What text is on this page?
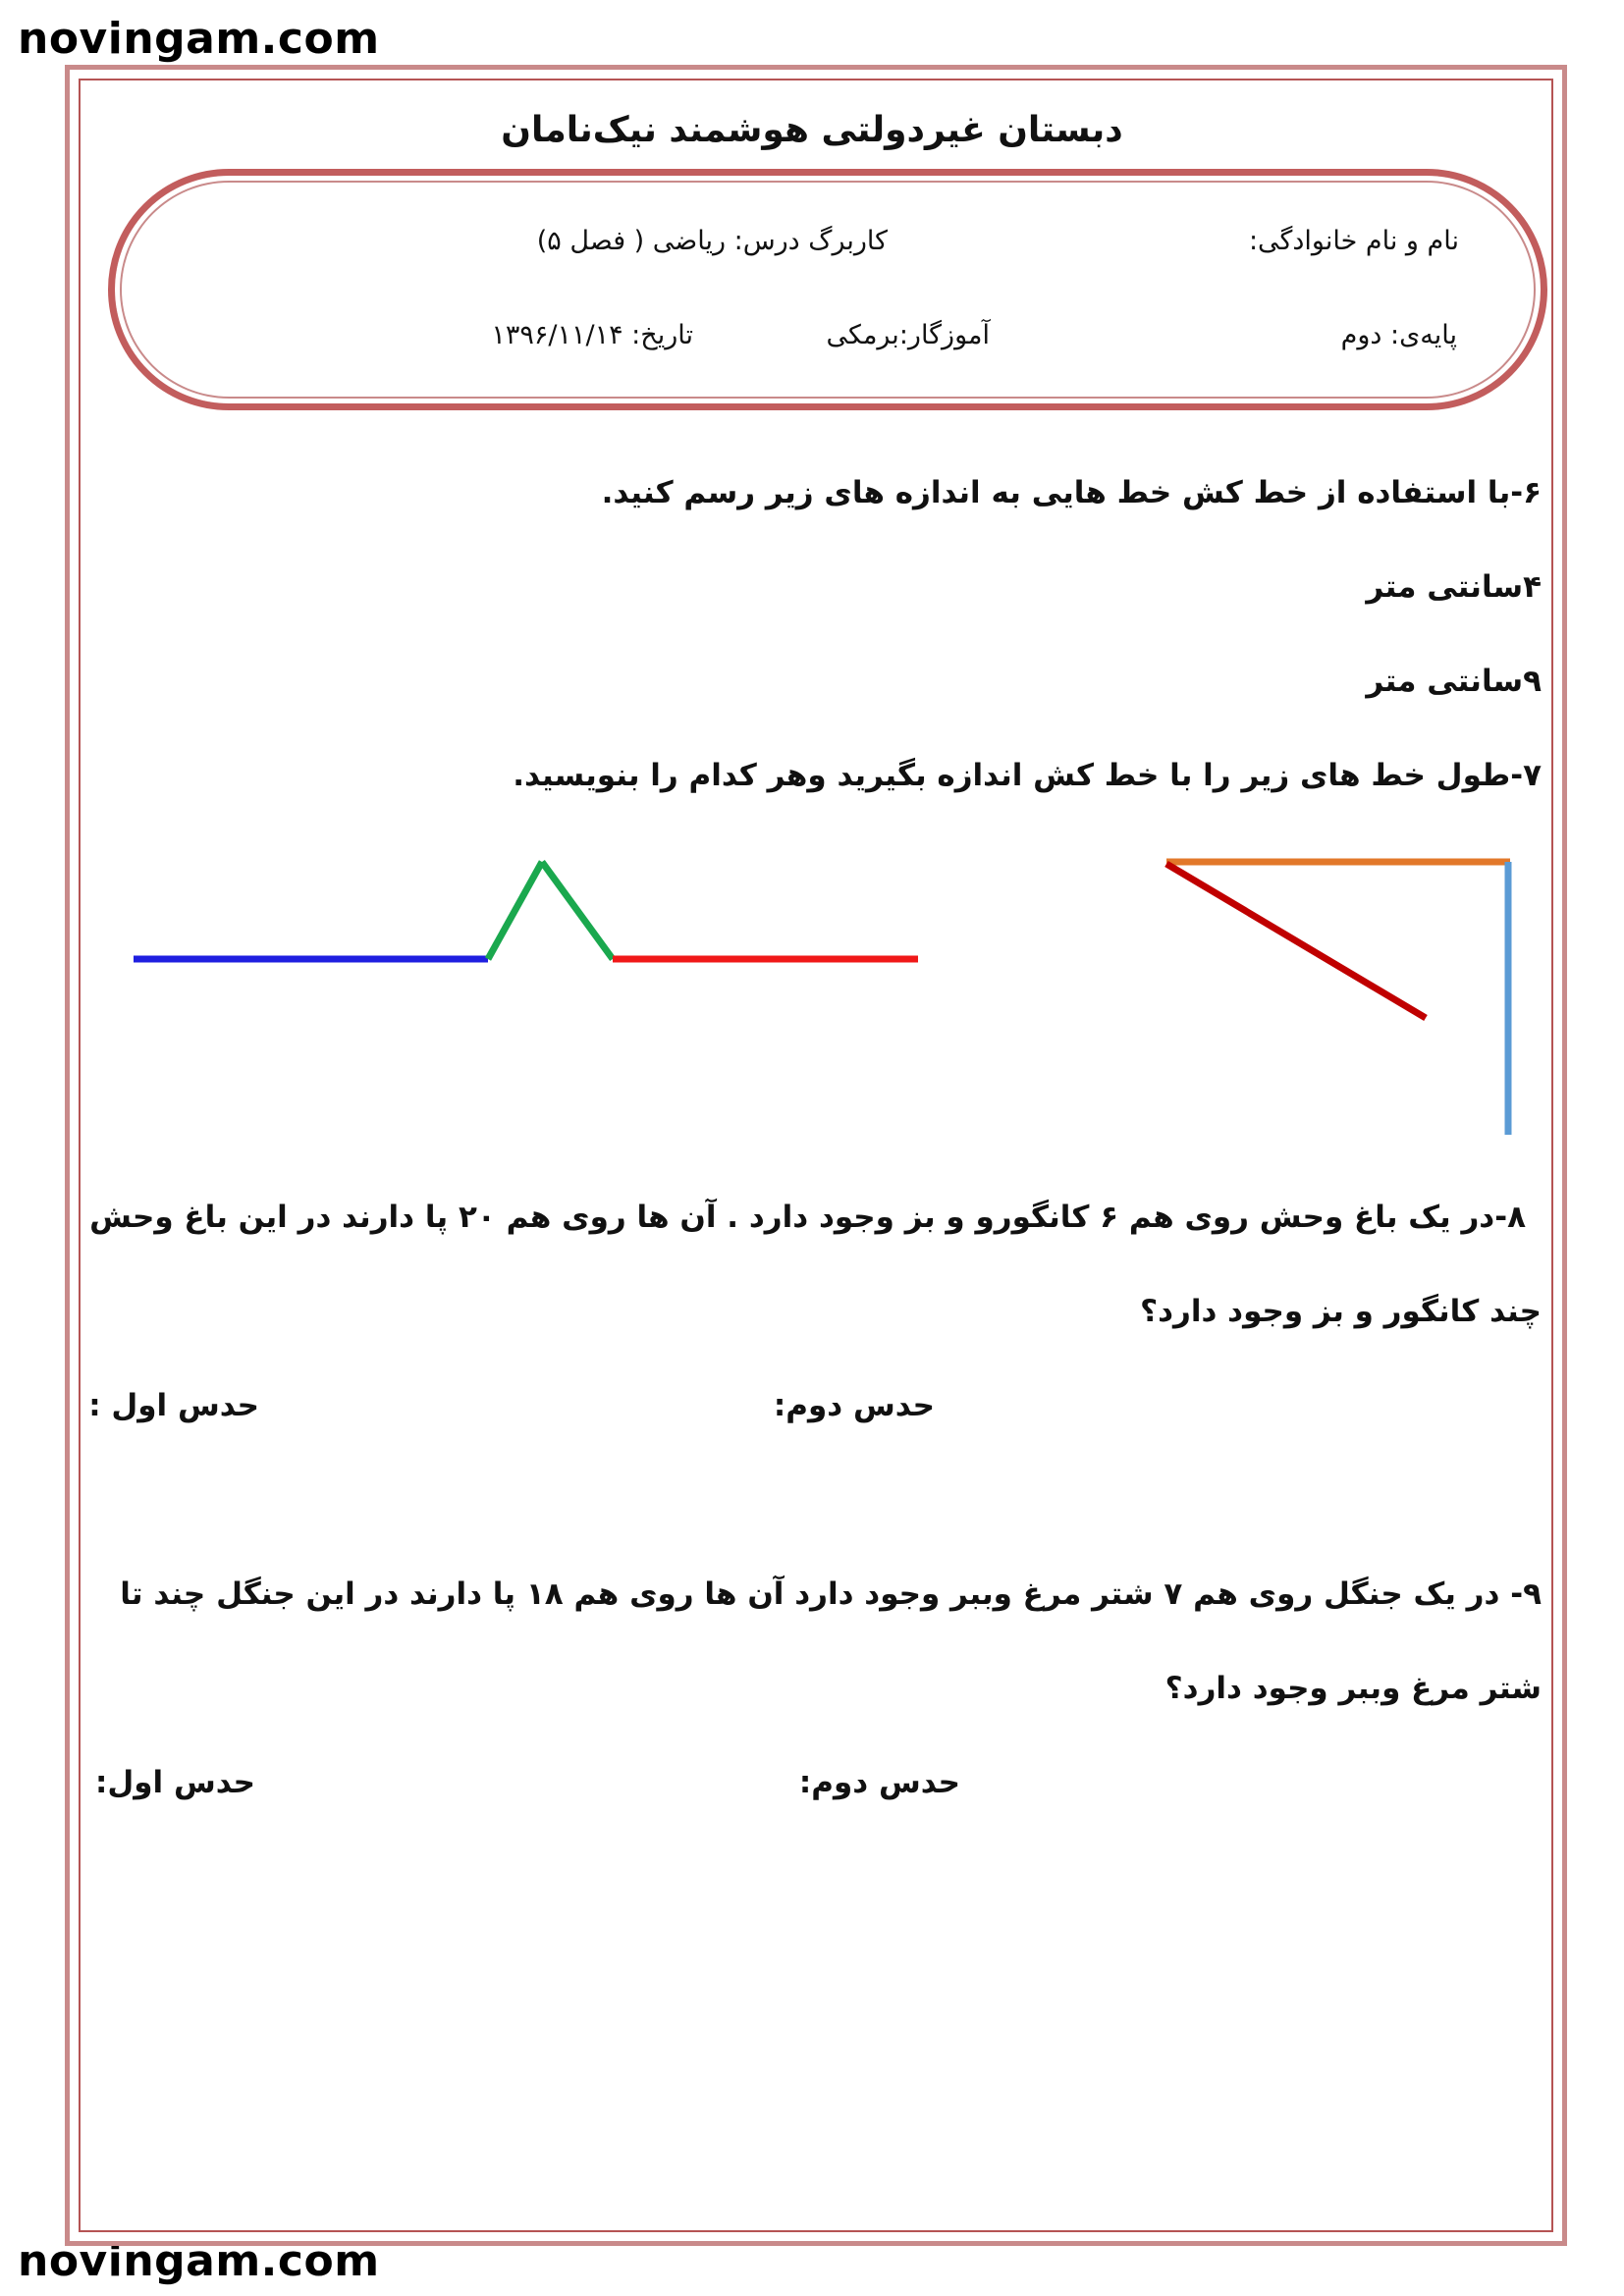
novingam.com
novingam.com
دبستان غیردولتی هوشمند نیک‌نامان
نام و نام خانوادگی:
کاربرگ درس: ریاضی ( فصل ۵)
پایه‌ی: دوم
آموزگار:برمکی
تاریخ: ۱۳۹۶/۱۱/۱۴
۶-با استفاده از خط کش خط هایی به اندازه های زیر رسم کنید.
۴سانتی متر
۹سانتی متر
۷-طول خط های زیر را با خط کش اندازه بگیرید وهر کدام را بنویسید.
۸-در یک باغ وحش روی هم ۶ کانگورو و بز وجود دارد . آن ها روی هم ۲۰ پا دارند در این باغ وحش
چند کانگور و بز وجود دارد؟
حدس دوم:
حدس اول :
۹- در یک جنگل روی هم ۷ شتر مرغ وببر وجود دارد آن ها روی هم ۱۸ پا دارند در این جنگل چند تا
شتر مرغ وببر وجود دارد؟
حدس دوم:
حدس اول:
